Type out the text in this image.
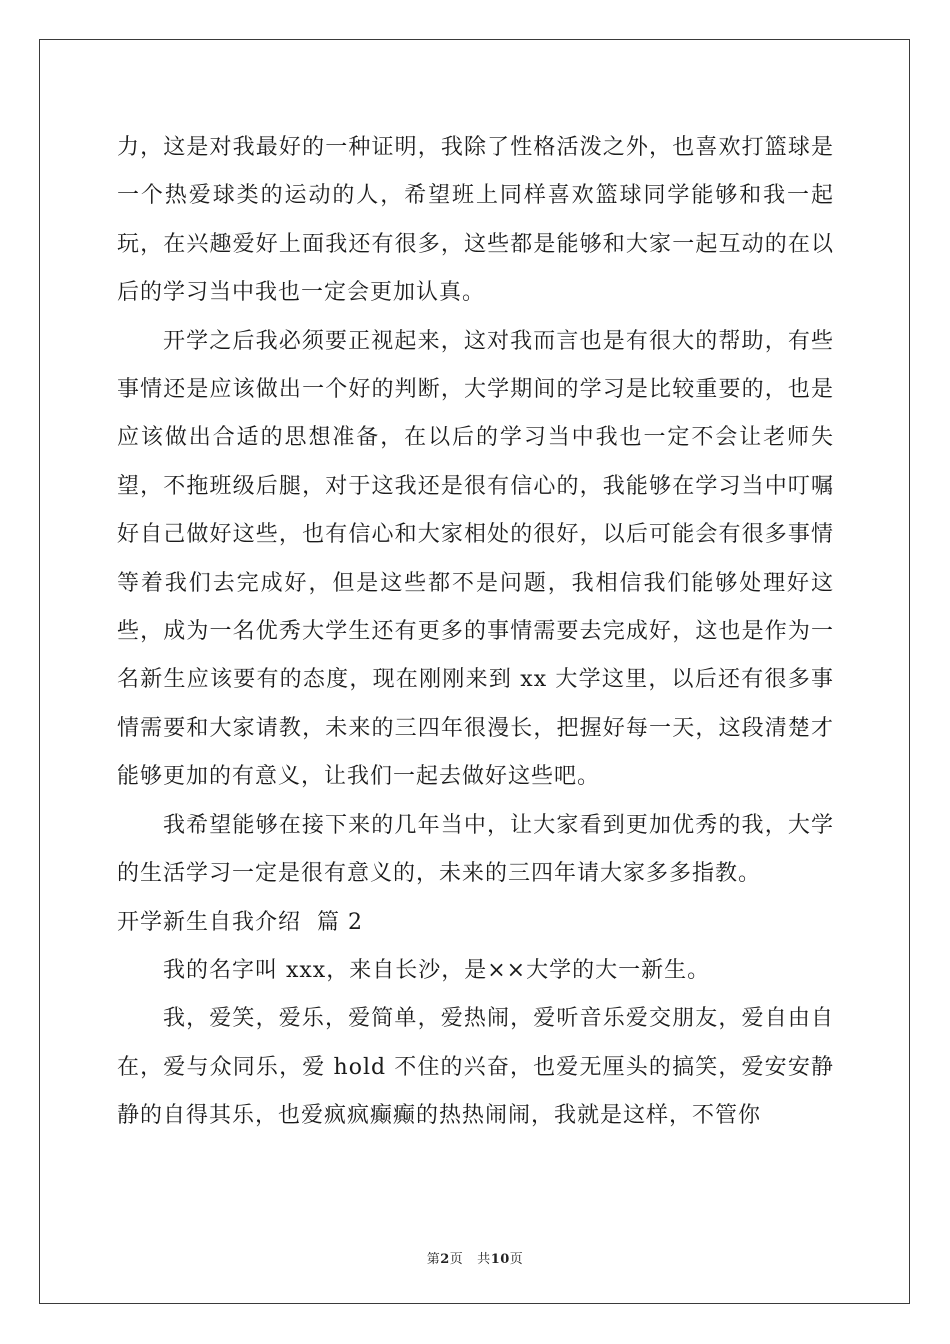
力，这是对我最好的一种证明，我除了性格活泼之外，也喜欢打篮球是一个热爱球类的运动的人，希望班上同样喜欢篮球同学能够和我一起玩，在兴趣爱好上面我还有很多，这些都是能够和大家一起互动的在以后的学习当中我也一定会更加认真。

开学之后我必须要正视起来，这对我而言也是有很大的帮助，有些事情还是应该做出一个好的判断，大学期间的学习是比较重要的，也是应该做出合适的思想准备，在以后的学习当中我也一定不会让老师失望，不拖班级后腿，对于这我还是很有信心的，我能够在学习当中叮嘱好自己做好这些，也有信心和大家相处的很好，以后可能会有很多事情等着我们去完成好，但是这些都不是问题，我相信我们能够处理好这些，成为一名优秀大学生还有更多的事情需要去完成好，这也是作为一名新生应该要有的态度，现在刚刚来到 xx 大学这里，以后还有很多事情需要和大家请教，未来的三四年很漫长，把握好每一天，这段清楚才能够更加的有意义，让我们一起去做好这些吧。

我希望能够在接下来的几年当中，让大家看到更加优秀的我，大学的生活学习一定是很有意义的，未来的三四年请大家多多指教。

开学新生自我介绍  篇 2

我的名字叫 xxx，来自长沙，是××大学的大一新生。

我，爱笑，爱乐，爱简单，爱热闹，爱听音乐爱交朋友，爱自由自在，爱与众同乐，爱 hold 不住的兴奋，也爱无厘头的搞笑，爱安安静静的自得其乐，也爱疯疯癫癫的热热闹闹，我就是这样，不管你

第2页 共10页
